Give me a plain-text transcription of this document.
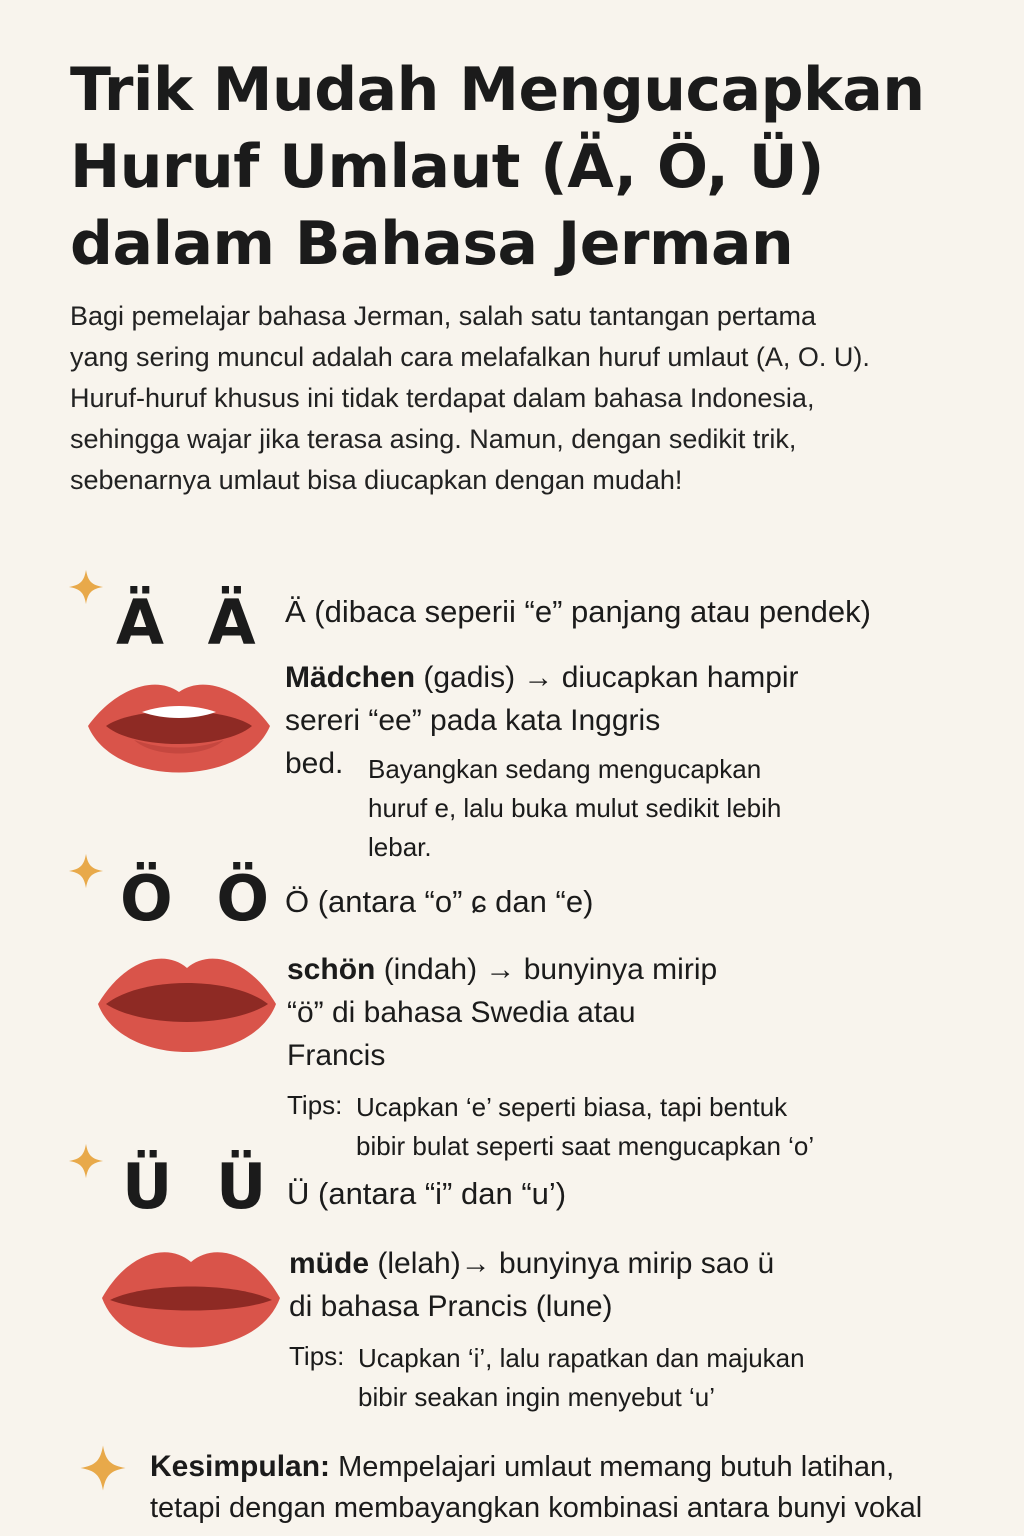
Trik Mudah Mengucapkan
Huruf Umlaut (Ä, Ö, Ü)
dalam Bahasa Jerman
Bagi pemelajar bahasa Jerman, salah satu tantangan pertama
yang sering muncul adalah cara melafalkan huruf umlaut (A, O. U).
Huruf-huruf khusus ini tidak terdapat dalam bahasa Indonesia,
sehingga wajar jika terasa asing. Namun, dengan sedikit trik,
sebenarnya umlaut bisa diucapkan dengan mudah!
Ä Ä Ä (dibaca seperii “e” panjang atau pendek)
Mädchen (gadis) → diucapkan hampir
sereri “ee” pada kata Inggris
bed. Bayangkan sedang mengucapkan
huruf e, lalu buka mulut sedikit lebih
lebar.
Ö Ö Ö (antara “o” ɕ dan “e)
schön (indah) → bunyinya mirip
“ö” di bahasa Swedia atau
Francis
Tips: Ucapkan ‘e’ seperti biasa, tapi bentuk
bibir bulat seperti saat mengucapkan ‘o’
Ü Ü Ü (antara “i” dan “u’)
müde (lelah)→ bunyinya mirip sao ü
di bahasa Prancis (lune)
Tips: Ucapkan ‘i’, lalu rapatkan dan majukan
bibir seakan ingin menyebut ‘u’
Kesimpulan: Mempelajari umlaut memang butuh latihan,
tetapi dengan membayangkan kombinasi antara bunyi vokal
